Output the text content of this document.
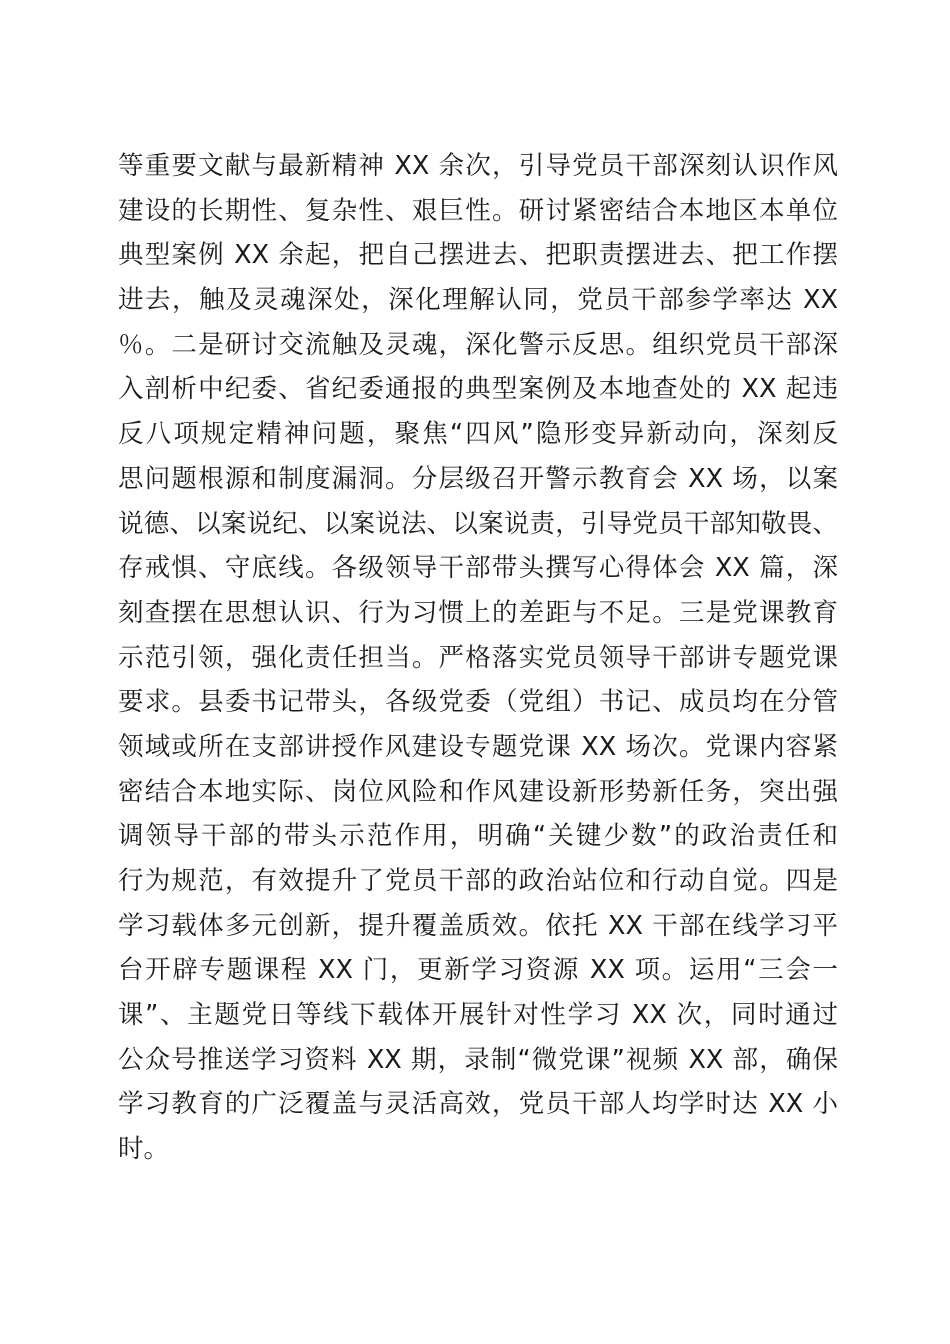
等重要文献与最新精神 XX 余次，引导党员干部深刻认识作风
建设的长期性、复杂性、艰巨性。研讨紧密结合本地区本单位
典型案例 XX 余起，把自己摆进去、把职责摆进去、把工作摆
进去，触及灵魂深处，深化理解认同，党员干部参学率达 XX
％。二是研讨交流触及灵魂，深化警示反思。组织党员干部深
入剖析中纪委、省纪委通报的典型案例及本地查处的 XX 起违
反八项规定精神问题，聚焦“四风”隐形变异新动向，深刻反
思问题根源和制度漏洞。分层级召开警示教育会 XX 场，以案
说德、以案说纪、以案说法、以案说责，引导党员干部知敬畏、
存戒惧、守底线。各级领导干部带头撰写心得体会 XX 篇，深
刻查摆在思想认识、行为习惯上的差距与不足。三是党课教育
示范引领，强化责任担当。严格落实党员领导干部讲专题党课
要求。县委书记带头，各级党委（党组）书记、成员均在分管
领域或所在支部讲授作风建设专题党课 XX 场次。党课内容紧
密结合本地实际、岗位风险和作风建设新形势新任务，突出强
调领导干部的带头示范作用，明确“关键少数”的政治责任和
行为规范，有效提升了党员干部的政治站位和行动自觉。四是
学习载体多元创新，提升覆盖质效。依托 XX 干部在线学习平
台开辟专题课程 XX 门，更新学习资源 XX 项。运用“三会一
课”、主题党日等线下载体开展针对性学习 XX 次，同时通过
公众号推送学习资料 XX 期，录制“微党课”视频 XX 部，确保
学习教育的广泛覆盖与灵活高效，党员干部人均学时达 XX 小
时。
